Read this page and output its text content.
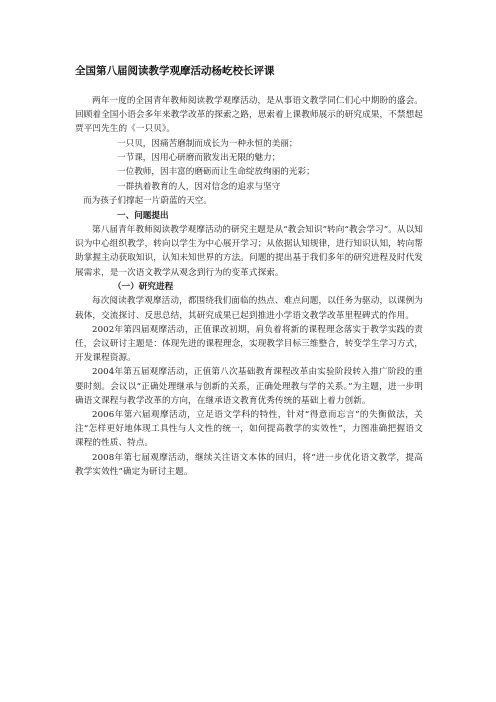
全国第八届阅读教学观摩活动杨屹校长评课

两年一度的全国青年教师阅读教学观摩活动，是从事语文教学同仁们心中期盼的盛会。回顾着全国小语会多年来教学改革的探索之路，思索着上课教师展示的研究成果，不禁想起贾平凹先生的《一只贝》。

一只贝，因痛苦磨制而成长为一种永恒的美丽；
一节课，因用心研磨而散发出无限的魅力；
一位教师，因丰富的磨砺而让生命绽放绚丽的光彩；
一群执着教育的人，因对信念的追求与坚守
而为孩子们撑起一片蔚蓝的天空。
一、问题提出

第八届青年教师阅读教学观摩活动的研究主题是从“教会知识”转向“教会学习”。从以知识为中心组织教学，转向以学生为中心展开学习；从依据认知规律，进行知识认知，转向帮助掌握主动获取知识，认知未知世界的方法。问题的提出基于我们多年的研究进程及时代发展需求，是一次语文教学从观念到行为的变革式探索。

（一）研究进程

每次阅读教学观摩活动，都围绕我们面临的热点、难点问题，以任务为驱动，以课例为载体，交流探讨、反思总结，其研究成果已起到推进小学语文教学改革里程碑式的作用。

2002年第四届观摩活动，正值课改初期，肩负着将新的课程理念落实于教学实践的责任，会议研讨主题是：体现先进的课程理念，实现教学目标三维整合，转变学生学习方式，开发课程资源。

2004年第五届观摩活动，正值第八次基础教育课程改革由实验阶段转入推广阶段的重要时刻。会议以“正确处理继承与创新的关系，正确处理教与学的关系。”为主题，进一步明确语文课程与教学改革的方向，在继承语文教育优秀传统的基础上着力创新。

2006年第六届观摩活动，立足语文学科的特性，针对“得意而忘言”的失衡做法，关注“怎样更好地体现工具性与人文性的统一，如何提高教学的实效性”，力图准确把握语文课程的性质、特点。

2008年第七届观摩活动，继续关注语文本体的回归，将“进一步优化语文教学，提高教学实效性”确定为研讨主题。
